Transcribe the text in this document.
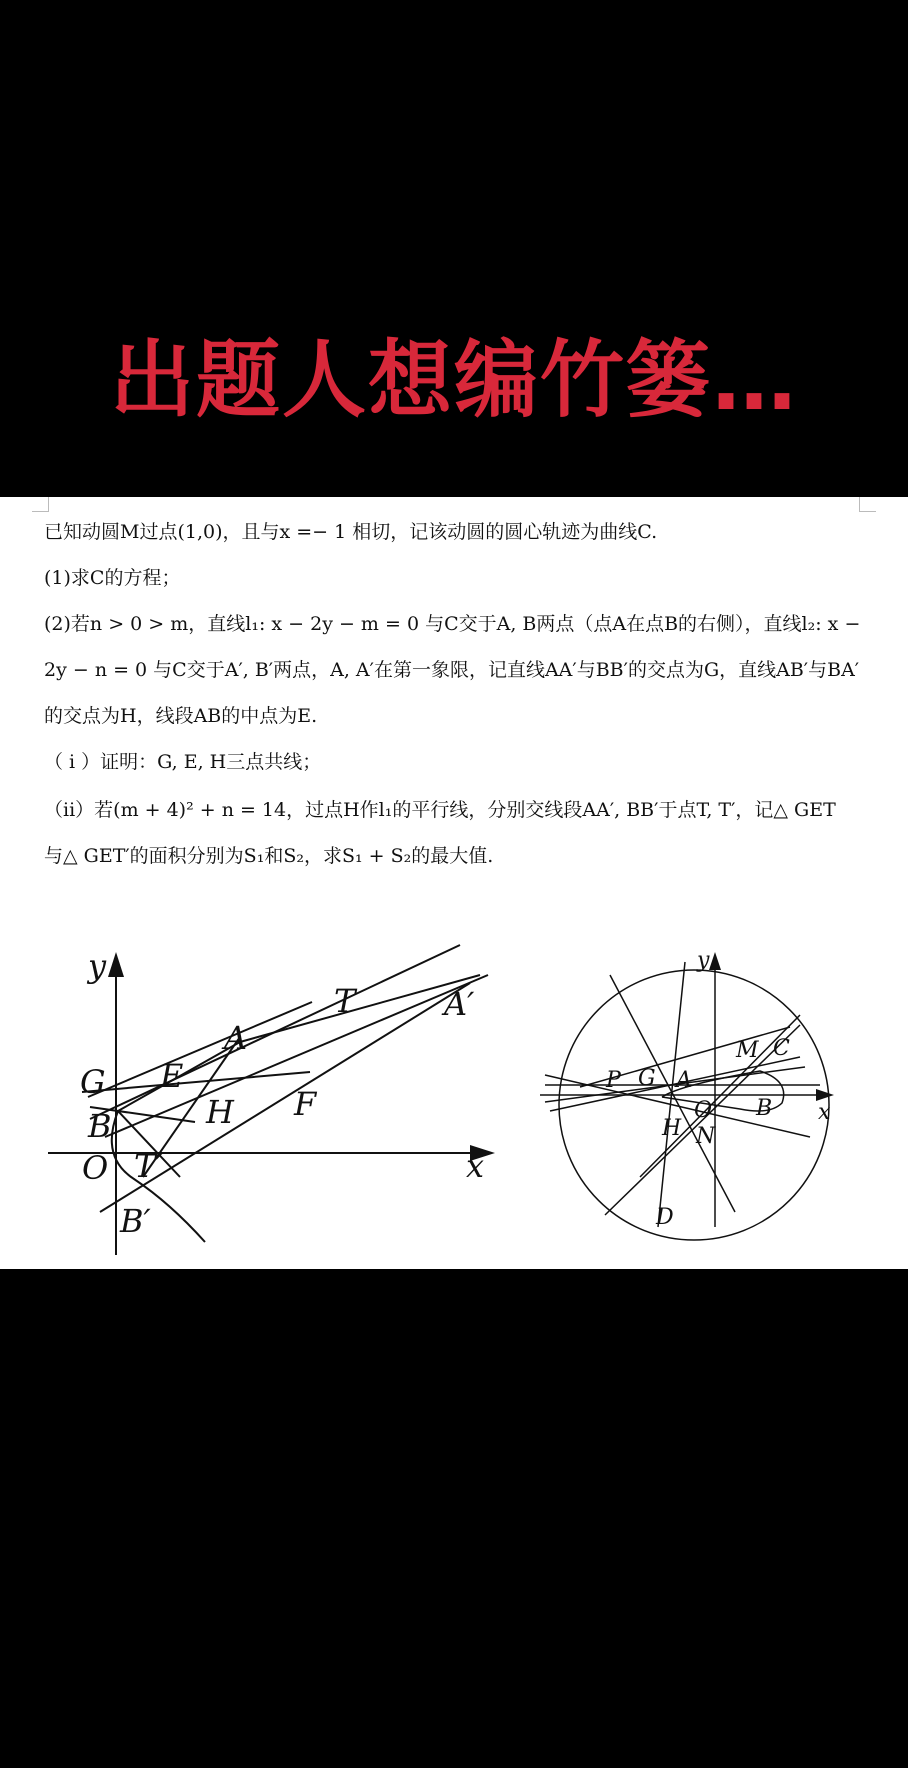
出题人想编竹篓…
已知动圆M过点(1,0)，且与x =− 1 相切，记该动圆的圆心轨迹为曲线C.
(1)求C的方程；
(2)若n > 0 > m，直线l₁: x − 2y − m = 0 与C交于A, B两点（点A在点B的右侧），直线l₂: x −
2y − n = 0 与C交于A′, B′两点，A, A′在第一象限，记直线AA′与BB′的交点为G，直线AB′与BA′
的交点为H，线段AB的中点为E.
（ i ）证明：G, E, H三点共线；
（ii）若(m + 4)² + n = 14，过点H作l₁的平行线，分别交线段AA′, BB′于点T, T′，记△ GET
与△ GET′的面积分别为S₁和S₂，求S₁ + S₂的最大值.
y
x
T	A′
A
G E
H F
B
O T′
B′
y
x
M C
P G A
O B
H N
D
